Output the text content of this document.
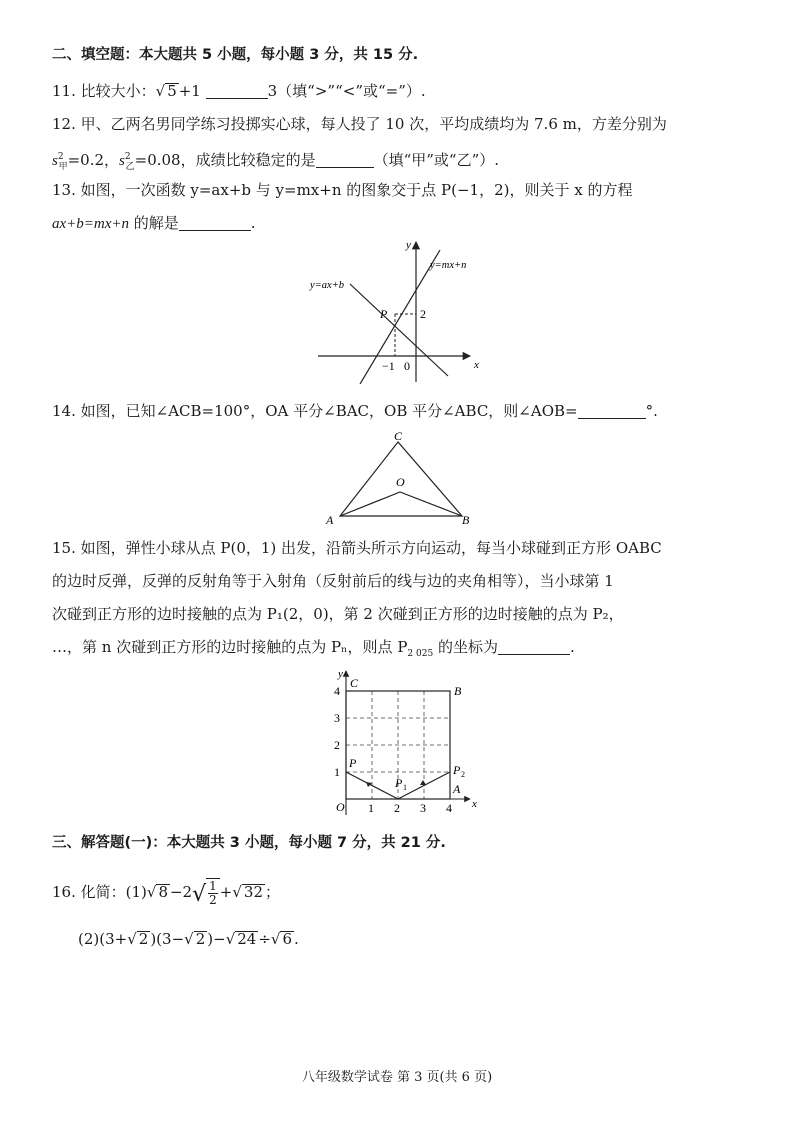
二、填空题：本大题共 5 小题，每小题 3 分，共 15 分.
11. 比较大小：√ 5 +1	3（填“>”“<”或“=”）.
12. 甲、乙两名男同学练习投掷实心球，每人投了 10 次，平均成绩均为 7.6 m，方差分别为
$s^2_甲=0.2$，$s^2_乙=0.08$，成绩比较稳定的是	（填“甲”或“乙”）.
13. 如图，一次函数 y=ax+b 与 y=mx+n 的图象交于点 P(−1，2)，则关于 x 的方程
ax+b=mx+n 的解是	.
y=ax+b
y=mx+n
y
x
P	2
−1 0
14. 如图，已知∠ACB=100°，OA 平分∠BAC，OB 平分∠ABC，则∠AOB=	°.
C
O
A	B
15. 如图，弹性小球从点 P(0，1) 出发，沿箭头所示方向运动，每当小球碰到正方形 OABC
的边时反弹，反弹的反射角等于入射角（反射前后的线与边的夹角相等），当小球第 1
次碰到正方形的边时接触的点为 P₁(2，0)，第 2 次碰到正方形的边时接触的点为 P₂，
…，第 n 次碰到正方形的边时接触的点为 Pₙ，则点 $P_{2 025}$ 的坐标为	.
1 2 3 4
1
2
3
4
y
x
O
C
B
A
P
P 1
P 2
三、解答题(一)：本大题共 3 小题，每小题 7 分，共 21 分.
16. 化简：(1)√ $8 -2√ \frac{1}{2}$ +√ 32 ；
(2)(3+√ 2 )(3−√ 2 )−√ 24 ÷√ 6 .
八年级数学试卷 第 3 页(共 6 页)
